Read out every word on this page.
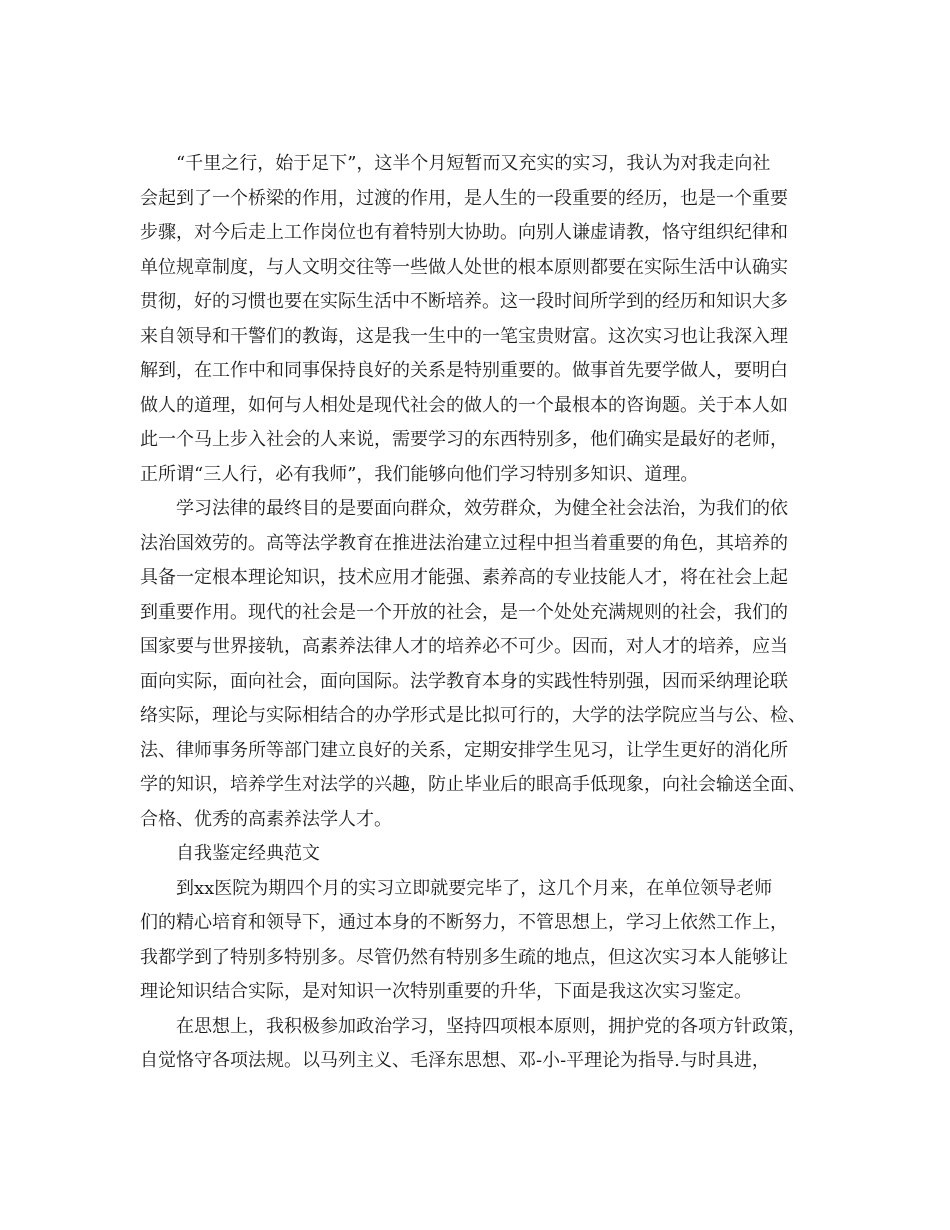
“千里之行，始于足下”，这半个月短暂而又充实的实习，我认为对我走向社
会起到了一个桥梁的作用，过渡的作用，是人生的一段重要的经历，也是一个重要
步骤，对今后走上工作岗位也有着特别大协助。向别人谦虚请教，恪守组织纪律和
单位规章制度，与人文明交往等一些做人处世的根本原则都要在实际生活中认确实
贯彻，好的习惯也要在实际生活中不断培养。这一段时间所学到的经历和知识大多
来自领导和干警们的教诲，这是我一生中的一笔宝贵财富。这次实习也让我深入理
解到，在工作中和同事保持良好的关系是特别重要的。做事首先要学做人，要明白
做人的道理，如何与人相处是现代社会的做人的一个最根本的咨询题。关于本人如
此一个马上步入社会的人来说，需要学习的东西特别多，他们确实是最好的老师，
正所谓“三人行，必有我师”，我们能够向他们学习特别多知识、道理。
学习法律的最终目的是要面向群众，效劳群众，为健全社会法治，为我们的依
法治国效劳的。高等法学教育在推进法治建立过程中担当着重要的角色，其培养的
具备一定根本理论知识，技术应用才能强、素养高的专业技能人才，将在社会上起
到重要作用。现代的社会是一个开放的社会，是一个处处充满规则的社会，我们的
国家要与世界接轨，高素养法律人才的培养必不可少。因而，对人才的培养，应当
面向实际，面向社会，面向国际。法学教育本身的实践性特别强，因而采纳理论联
络实际，理论与实际相结合的办学形式是比拟可行的，大学的法学院应当与公、检、
法、律师事务所等部门建立良好的关系，定期安排学生见习，让学生更好的消化所
学的知识，培养学生对法学的兴趣，防止毕业后的眼高手低现象，向社会输送全面、
合格、优秀的高素养法学人才。
自我鉴定经典范文
到xx医院为期四个月的实习立即就要完毕了，这几个月来，在单位领导老师
们的精心培育和领导下，通过本身的不断努力，不管思想上，学习上依然工作上，
我都学到了特别多特别多。尽管仍然有特别多生疏的地点，但这次实习本人能够让
理论知识结合实际，是对知识一次特别重要的升华，下面是我这次实习鉴定。
在思想上，我积极参加政治学习，坚持四项根本原则，拥护党的各项方针政策，
自觉恪守各项法规。以马列主义、毛泽东思想、邓-小-平理论为指导.与时具进，
